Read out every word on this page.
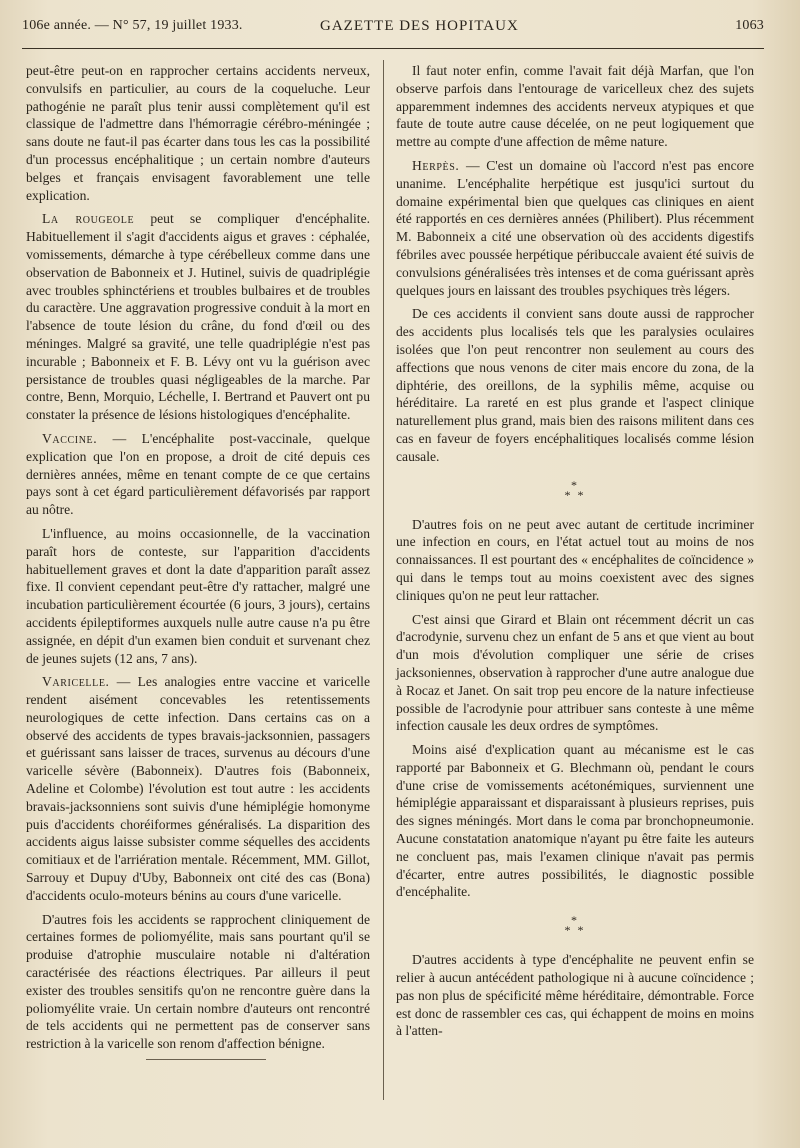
106e année. — N° 57, 19 juillet 1933.	GAZETTE DES HOPITAUX	1063

peut-être peut-on en rapprocher certains accidents nerveux, convulsifs en particulier, au cours de la coqueluche. Leur pathogénie ne paraît plus tenir aussi complètement qu'il est classique de l'admettre dans l'hémorragie cérébro-méningée ; sans doute ne faut-il pas écarter dans tous les cas la possibilité d'un processus encéphalitique ; un certain nombre d'auteurs belges et français envisagent favorablement une telle explication.

La rougeole peut se compliquer d'encéphalite. Habituellement il s'agit d'accidents aigus et graves : céphalée, vomissements, démarche à type cérébelleux comme dans une observation de Babonneix et J. Hutinel, suivis de quadriplégie avec troubles sphinctériens et troubles bulbaires et de troubles du caractère. Une aggravation progressive conduit à la mort en l'absence de toute lésion du crâne, du fond d'œil ou des méninges. Malgré sa gravité, une telle quadriplégie n'est pas incurable ; Babonneix et F. B. Lévy ont vu la guérison avec persistance de troubles quasi négligeables de la marche. Par contre, Benn, Morquio, Léchelle, I. Bertrand et Pauvert ont pu constater la présence de lésions histologiques d'encéphalite.

Vaccine. — L'encéphalite post-vaccinale, quelque explication que l'on en propose, a droit de cité depuis ces dernières années, même en tenant compte de ce que certains pays sont à cet égard particulièrement défavorisés par rapport au nôtre.

L'influence, au moins occasionnelle, de la vaccination paraît hors de conteste, sur l'apparition d'accidents habituellement graves et dont la date d'apparition paraît assez fixe. Il convient cependant peut-être d'y rattacher, malgré une incubation particulièrement écourtée (6 jours, 3 jours), certains accidents épileptiformes auxquels nulle autre cause n'a pu être assignée, en dépit d'un examen bien conduit et survenant chez de jeunes sujets (12 ans, 7 ans).

Varicelle. — Les analogies entre vaccine et varicelle rendent aisément concevables les retentissements neurologiques de cette infection. Dans certains cas on a observé des accidents de types bravais-jacksonnien, passagers et guérissant sans laisser de traces, survenus au décours d'une varicelle sévère (Babonneix). D'autres fois (Babonneix, Adeline et Colombe) l'évolution est tout autre : les accidents bravais-jacksonniens sont suivis d'une hémiplégie homonyme puis d'accidents choréiformes généralisés. La disparition des accidents aigus laisse subsister comme séquelles des accidents comitiaux et de l'arriération mentale. Récemment, MM. Gillot, Sarrouy et Dupuy d'Uby, Babonneix ont cité des cas (Bona) d'accidents oculo-moteurs bénins au cours d'une varicelle.

D'autres fois les accidents se rapprochent cliniquement de certaines formes de poliomyélite, mais sans pourtant qu'il se produise d'atrophie musculaire notable ni d'altération caractérisée des réactions électriques. Par ailleurs il peut exister des troubles sensitifs qu'on ne rencontre guère dans la poliomyélite vraie. Un certain nombre d'auteurs ont rencontré de tels accidents qui ne permettent pas de conserver sans restriction à la varicelle son renom d'affection bénigne.

Il faut noter enfin, comme l'avait fait déjà Marfan, que l'on observe parfois dans l'entourage de varicelleux chez des sujets apparemment indemnes des accidents nerveux atypiques et que faute de toute autre cause décelée, on ne peut logiquement que mettre au compte d'une affection de même nature.

Herpès. — C'est un domaine où l'accord n'est pas encore unanime. L'encéphalite herpétique est jusqu'ici surtout du domaine expérimental bien que quelques cas cliniques en aient été rapportés en ces dernières années (Philibert). Plus récemment M. Babonneix a cité une observation où des accidents digestifs fébriles avec poussée herpétique péribuccale avaient été suivis de convulsions généralisées très intenses et de coma guérissant après quelques jours en laissant des troubles psychiques très légers.

De ces accidents il convient sans doute aussi de rapprocher des accidents plus localisés tels que les paralysies oculaires isolées que l'on peut rencontrer non seulement au cours des affections que nous venons de citer mais encore du zona, de la diphtérie, des oreillons, de la syphilis même, acquise ou héréditaire. La rareté en est plus grande et l'aspect clinique naturellement plus grand, mais bien des raisons militent dans ces cas en faveur de foyers encéphalitiques localisés comme lésion causale.

*
* *

D'autres fois on ne peut avec autant de certitude incriminer une infection en cours, en l'état actuel tout au moins de nos connaissances. Il est pourtant des « encéphalites de coïncidence » qui dans le temps tout au moins coexistent avec des signes cliniques qu'on ne peut leur rattacher.

C'est ainsi que Girard et Blain ont récemment décrit un cas d'acrodynie, survenu chez un enfant de 5 ans et que vient au bout d'un mois d'évolution compliquer une série de crises jacksoniennes, observation à rapprocher d'une autre analogue due à Rocaz et Janet. On sait trop peu encore de la nature infectieuse possible de l'acrodynie pour attribuer sans conteste à une même infection causale les deux ordres de symptômes.

Moins aisé d'explication quant au mécanisme est le cas rapporté par Babonneix et G. Blechmann où, pendant le cours d'une crise de vomissements acétonémiques, surviennent une hémiplégie apparaissant et disparaissant à plusieurs reprises, puis des signes méningés. Mort dans le coma par bronchopneumonie. Aucune constatation anatomique n'ayant pu être faite les auteurs ne concluent pas, mais l'examen clinique n'avait pas permis d'écarter, entre autres possibilités, le diagnostic possible d'encéphalite.

*
* *

D'autres accidents à type d'encéphalite ne peuvent enfin se relier à aucun antécédent pathologique ni à aucune coïncidence ; pas non plus de spécificité même héréditaire, démontrable. Force est donc de rassembler ces cas, qui échappent de moins en moins à l'atten-
